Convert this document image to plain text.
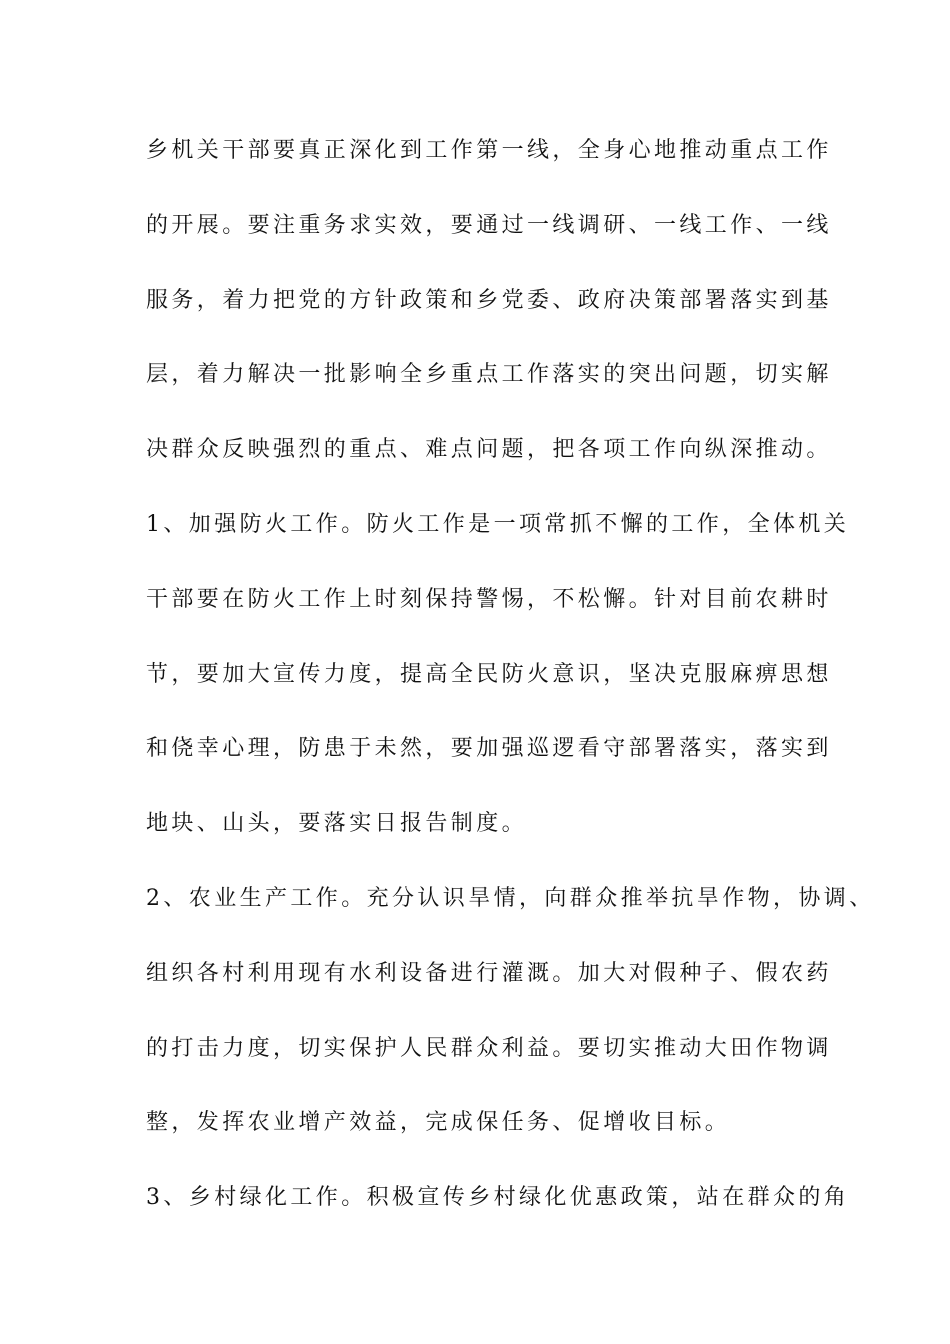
乡机关干部要真正深化到工作第一线，全身心地推动重点工作
的开展。要注重务求实效，要通过一线调研、一线工作、一线
服务，着力把党的方针政策和乡党委、政府决策部署落实到基
层，着力解决一批影响全乡重点工作落实的突出问题，切实解
决群众反映强烈的重点、难点问题，把各项工作向纵深推动。
1、加强防火工作。防火工作是一项常抓不懈的工作，全体机关
干部要在防火工作上时刻保持警惕，不松懈。针对目前农耕时
节，要加大宣传力度，提高全民防火意识，坚决克服麻痹思想
和侥幸心理，防患于未然，要加强巡逻看守部署落实，落实到
地块、山头，要落实日报告制度。
2、农业生产工作。充分认识旱情，向群众推举抗旱作物，协调、
组织各村利用现有水利设备进行灌溉。加大对假种子、假农药
的打击力度，切实保护人民群众利益。要切实推动大田作物调
整，发挥农业增产效益，完成保任务、促增收目标。
3、乡村绿化工作。积极宣传乡村绿化优惠政策，站在群众的角
